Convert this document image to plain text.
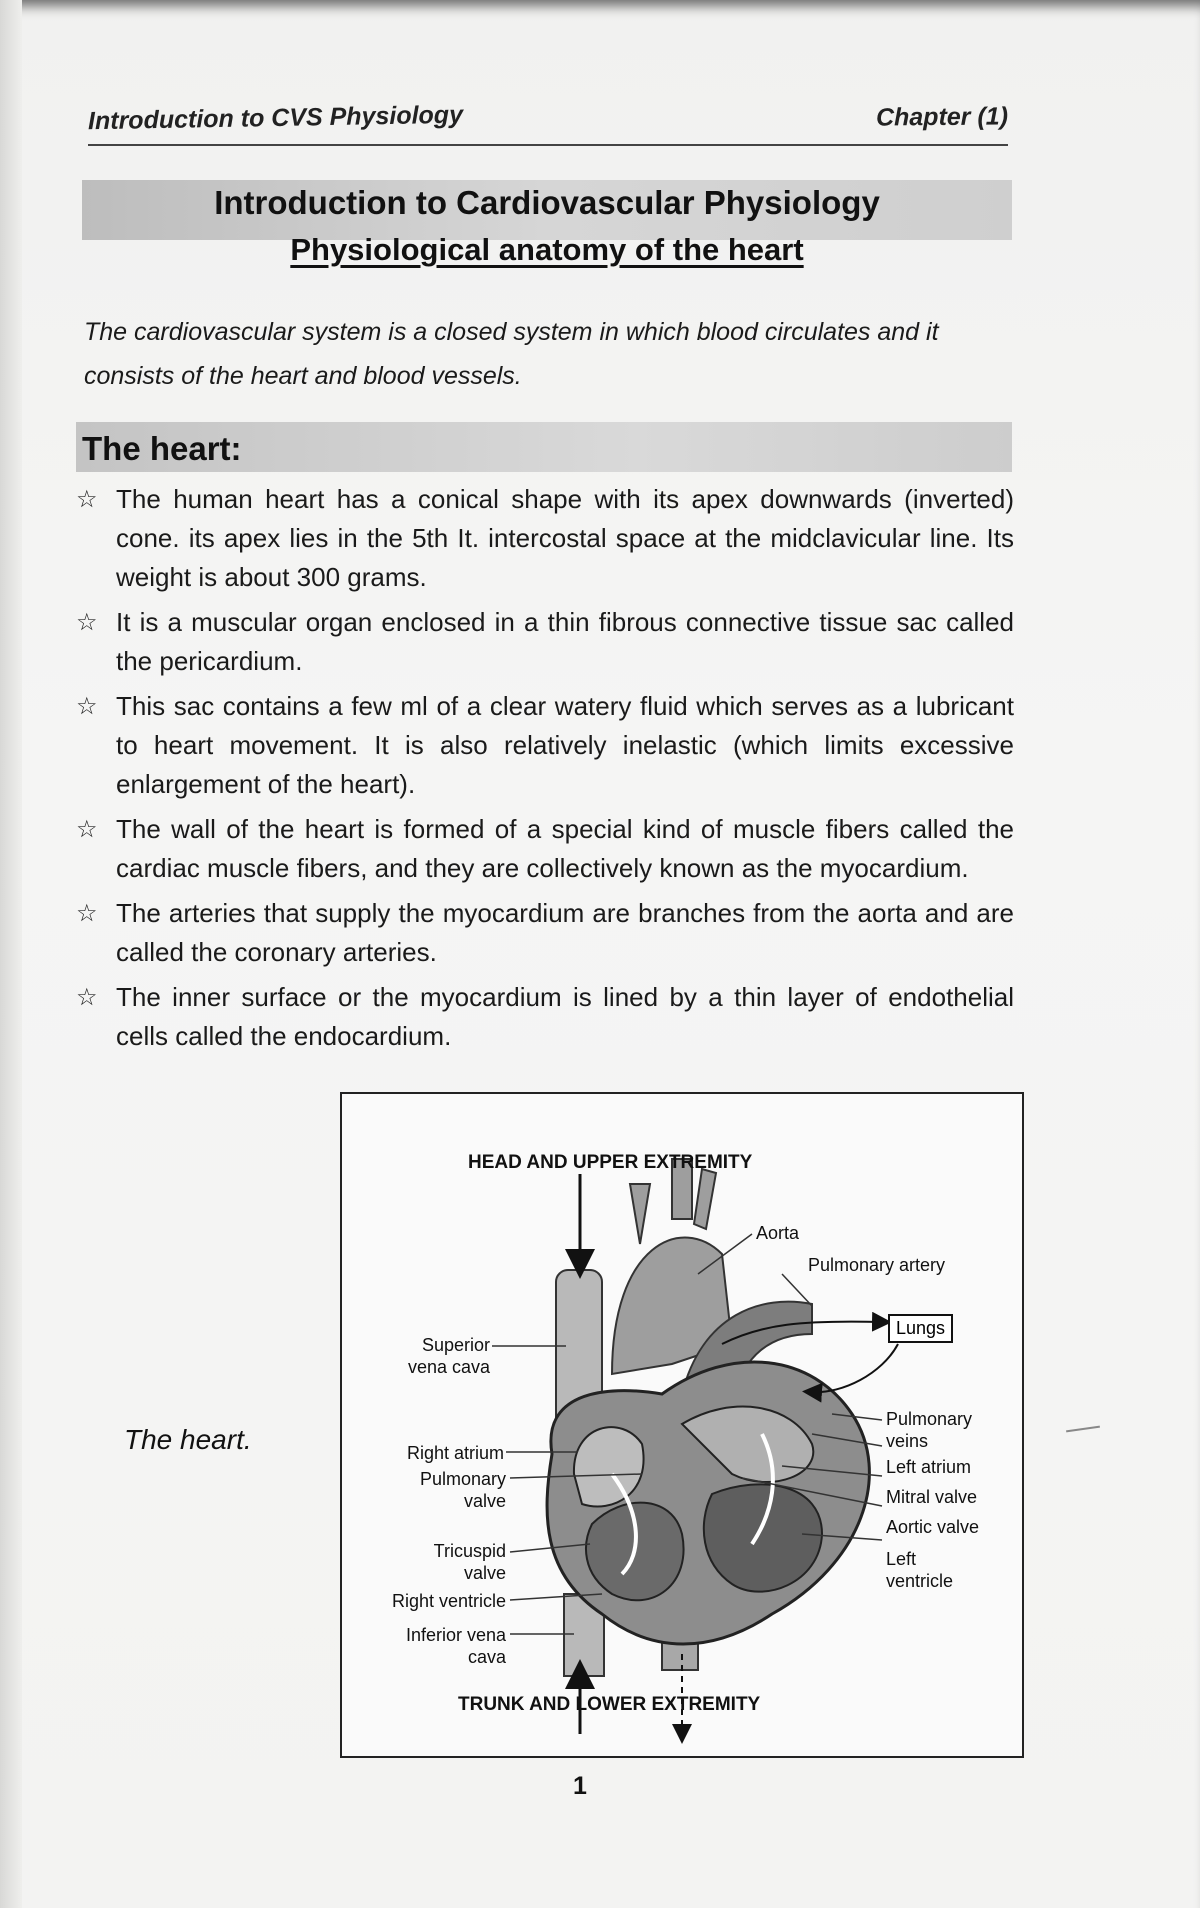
Introduction to CVS Physiology	Chapter (1)
Introduction to Cardiovascular Physiology
Physiological anatomy of the heart
The cardiovascular system is a closed system in which blood circulates and it consists of the heart and blood vessels.
The heart:
☆ The human heart has a conical shape with its apex downwards (inverted) cone. its apex lies in the 5th It. intercostal space at the midclavicular line. Its weight is about 300 grams.
☆ It is a muscular organ enclosed in a thin fibrous connective tissue sac called the pericardium.
☆ This sac contains a few ml of a clear watery fluid which serves as a lubricant to heart movement. It is also relatively inelastic (which limits excessive enlargement of the heart).
☆ The wall of the heart is formed of a special kind of muscle fibers called the cardiac muscle fibers, and they are collectively known as the myocardium.
☆ The arteries that supply the myocardium are branches from the aorta and are called the coronary arteries.
☆ The inner surface or the myocardium is lined by a thin layer of endothelial cells called the endocardium.
The heart.
HEAD AND UPPER EXTREMITY
TRUNK AND LOWER EXTREMITY
Aorta
Pulmonary artery
Lungs
Superior vena cava
Pulmonary veins
Right atrium
Left atrium
Pulmonary valve	Mitral valve
Aortic valve
Tricuspid valve
Left ventricle
Right ventricle
Inferior vena cava
1
